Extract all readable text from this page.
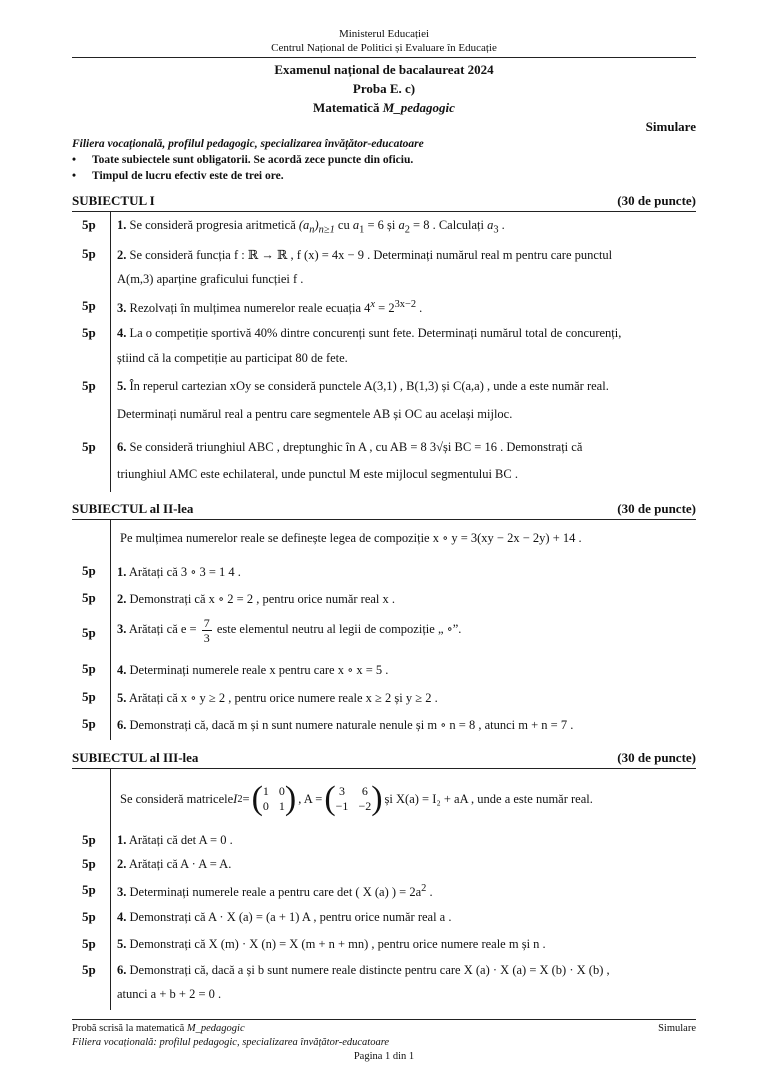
Ministerul Educației
Centrul Național de Politici și Evaluare în Educație
Examenul național de bacalaureat 2024
Proba E. c)
Matematică M_pedagogic
Simulare
Filiera vocațională, profilul pedagogic, specializarea învățător-educatoare
• Toate subiectele sunt obligatorii. Se acordă zece puncte din oficiu.
• Timpul de lucru efectiv este de trei ore.
SUBIECTUL I	(30 de puncte)
5p 1. Se consideră progresia aritmetică $(a_n)_{n\ge 1}$ cu $a_1 = 6$ și $a_2 = 8$ . Calculați $a_3$ .
5p 2. Se consideră funcția f : ℝ → ℝ , f (x) = 4x − 9 . Determinați numărul real m pentru care punctul
A(m,3) aparține graficului funcției f .
5p 3. Rezolvați în mulțimea numerelor reale ecuația $4^x = 2^{3x-2}$ .
5p 4. La o competiție sportivă 40% dintre concurenți sunt fete. Determinați numărul total de concurenți,
știind că la competiție au participat 80 de fete.
5p 5. În reperul cartezian xOy se consideră punctele A(3,1) , B(1,3) și C(a,a) , unde a este număr real.
Determinați numărul real a pentru care segmentele AB și OC au același mijloc.
5p 6. Se consideră triunghiul ABC , dreptunghic în A , cu AB = 8 3√și BC = 16 . Demonstrați că
triunghiul AMC este echilateral, unde punctul M este mijlocul segmentului BC .
SUBIECTUL al II-lea	(30 de puncte)
Pe mulțimea numerelor reale se definește legea de compoziție x ∘ y = 3(xy − 2x − 2y) + 14 .
5p 1. Arătați că 3 ∘ 3 = 1 4 .
5p 2. Demonstrați că x ∘ 2 = 2 , pentru orice număr real x .
5p 3. Arătați că $e = \frac{7}{3}$ este elementul neutru al legii de compoziție „ ∘”.
5p 4. Determinați numerele reale x pentru care x ∘ x = 5 .
5p 5. Arătați că x ∘ y ≥ 2 , pentru orice numere reale x ≥ 2 și y ≥ 2 .
5p 6. Demonstrați că, dacă m și n sunt numere naturale nenule și m ∘ n = 8 , atunci m + n = 7 .
SUBIECTUL al III-lea	(30 de puncte)
Se consideră matricele I 2 = ( 1 0
0 1 ) , A = ( 3 6
−1 −2 ) și X(a) = I₂ + aA , unde a este număr real.
5p 1. Arătați că det A = 0 .
5p 2. Arătați că A · A = A.
5p 3. Determinați numerele reale a pentru care det ( X (a) ) = $2a^2$ .
5p 4. Demonstrați că A · X (a) = (a + 1) A , pentru orice număr real a .
5p 5. Demonstrați că X (m) · X (n) = X (m + n + mn) , pentru orice numere reale m și n .
5p 6. Demonstrați că, dacă a și b sunt numere reale distincte pentru care X (a) · X (a) = X (b) · X (b) ,
atunci a + b + 2 = 0 .
Probă scrisă la matematică M_pedagogic
Filiera vocațională: profilul pedagogic, specializarea învățător-educatoare
Simulare
Pagina 1 din 1
